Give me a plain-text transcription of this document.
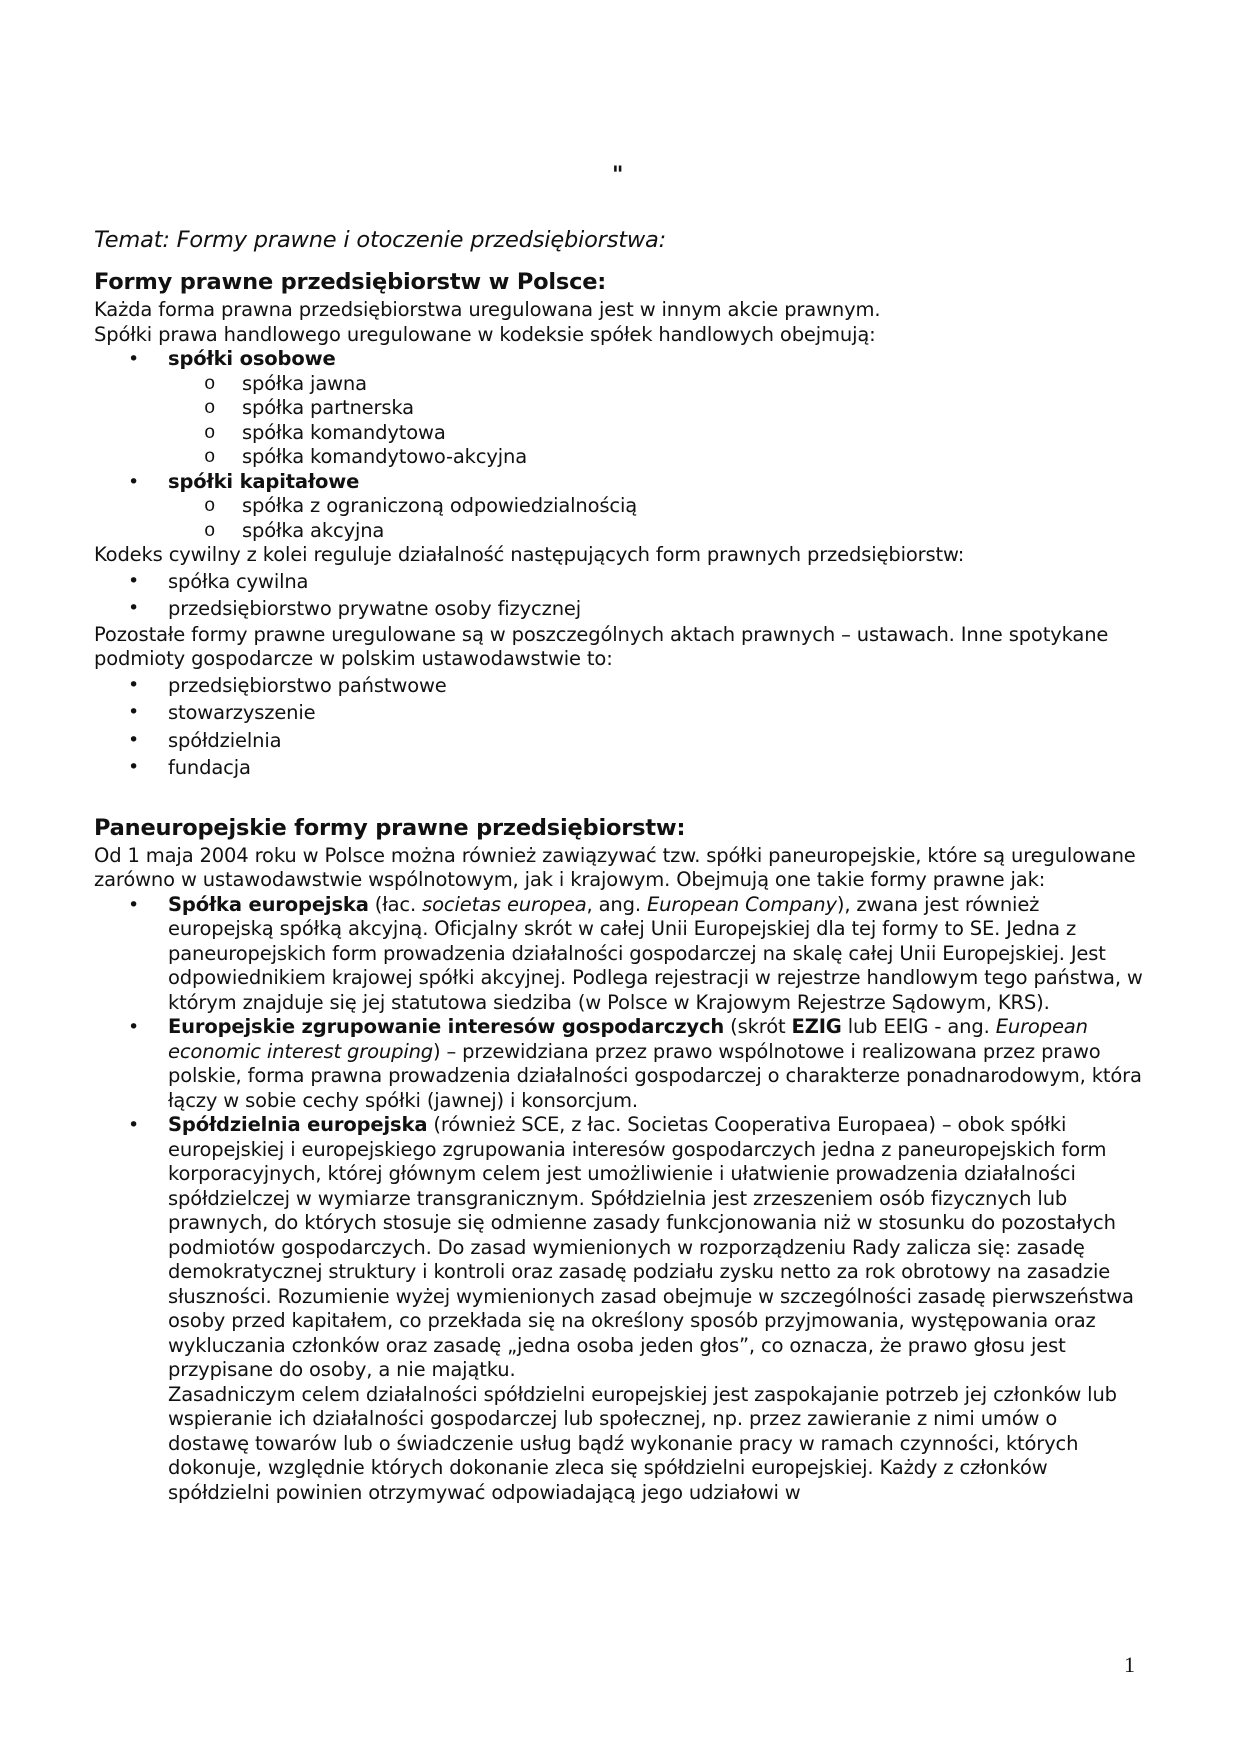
"
Temat: Formy prawne i otoczenie przedsiębiorstwa:
Formy prawne przedsiębiorstw w Polsce:

Każda forma prawna przedsiębiorstwa uregulowana jest w innym akcie prawnym.

Spółki prawa handlowego uregulowane w kodeksie spółek handlowych obejmują:

• spółki osobowe
o spółka jawna
o spółka partnerska
o spółka komandytowa
o spółka komandytowo-akcyjna
• spółki kapitałowe
o spółka z ograniczoną odpowiedzialnością
o spółka akcyjna

Kodeks cywilny z kolei reguluje działalność następujących form prawnych przedsiębiorstw:

• spółka cywilna
• przedsiębiorstwo prywatne osoby fizycznej

Pozostałe formy prawne uregulowane są w poszczególnych aktach prawnych – ustawach. Inne spotykane podmioty gospodarcze w polskim ustawodawstwie to:

• przedsiębiorstwo państwowe
• stowarzyszenie
• spółdzielnia
• fundacja
Paneuropejskie formy prawne przedsiębiorstw:

Od 1 maja 2004 roku w Polsce można również zawiązywać tzw. spółki paneuropejskie, które są uregulowane zarówno w ustawodawstwie wspólnotowym, jak i krajowym. Obejmują one takie formy prawne jak:

• Spółka europejska (łac. societas europea, ang. European Company), zwana jest również europejską spółką akcyjną. Oficjalny skrót w całej Unii Europejskiej dla tej formy to SE. Jedna z paneuropejskich form prowadzenia działalności gospodarczej na skalę całej Unii Europejskiej. Jest odpowiednikiem krajowej spółki akcyjnej. Podlega rejestracji w rejestrze handlowym tego państwa, w którym znajduje się jej statutowa siedziba (w Polsce w Krajowym Rejestrze Sądowym, KRS).
• Europejskie zgrupowanie interesów gospodarczych (skrót EZIG lub EEIG - ang. European economic interest grouping) – przewidziana przez prawo wspólnotowe i realizowana przez prawo polskie, forma prawna prowadzenia działalności gospodarczej o charakterze ponadnarodowym, która łączy w sobie cechy spółki (jawnej) i konsorcjum.
• Spółdzielnia europejska (również SCE, z łac. Societas Cooperativa Europaea) – obok spółki europejskiej i europejskiego zgrupowania interesów gospodarczych jedna z paneuropejskich form korporacyjnych, której głównym celem jest umożliwienie i ułatwienie prowadzenia działalności spółdzielczej w wymiarze transgranicznym. Spółdzielnia jest zrzeszeniem osób fizycznych lub prawnych, do których stosuje się odmienne zasady funkcjonowania niż w stosunku do pozostałych podmiotów gospodarczych. Do zasad wymienionych w rozporządzeniu Rady zalicza się: zasadę demokratycznej struktury i kontroli oraz zasadę podziału zysku netto za rok obrotowy na zasadzie słuszności. Rozumienie wyżej wymienionych zasad obejmuje w szczególności zasadę pierwszeństwa osoby przed kapitałem, co przekłada się na określony sposób przyjmowania, występowania oraz wykluczania członków oraz zasadę „jedna osoba jeden głos”, co oznacza, że prawo głosu jest przypisane do osoby, a nie majątku.
Zasadniczym celem działalności spółdzielni europejskiej jest zaspokajanie potrzeb jej członków lub wspieranie ich działalności gospodarczej lub społecznej, np. przez zawieranie z nimi umów o dostawę towarów lub o świadczenie usług bądź wykonanie pracy w ramach czynności, których dokonuje, względnie których dokonanie zleca się spółdzielni europejskiej. Każdy z członków spółdzielni powinien otrzymywać odpowiadającą jego udziałowi w
1
